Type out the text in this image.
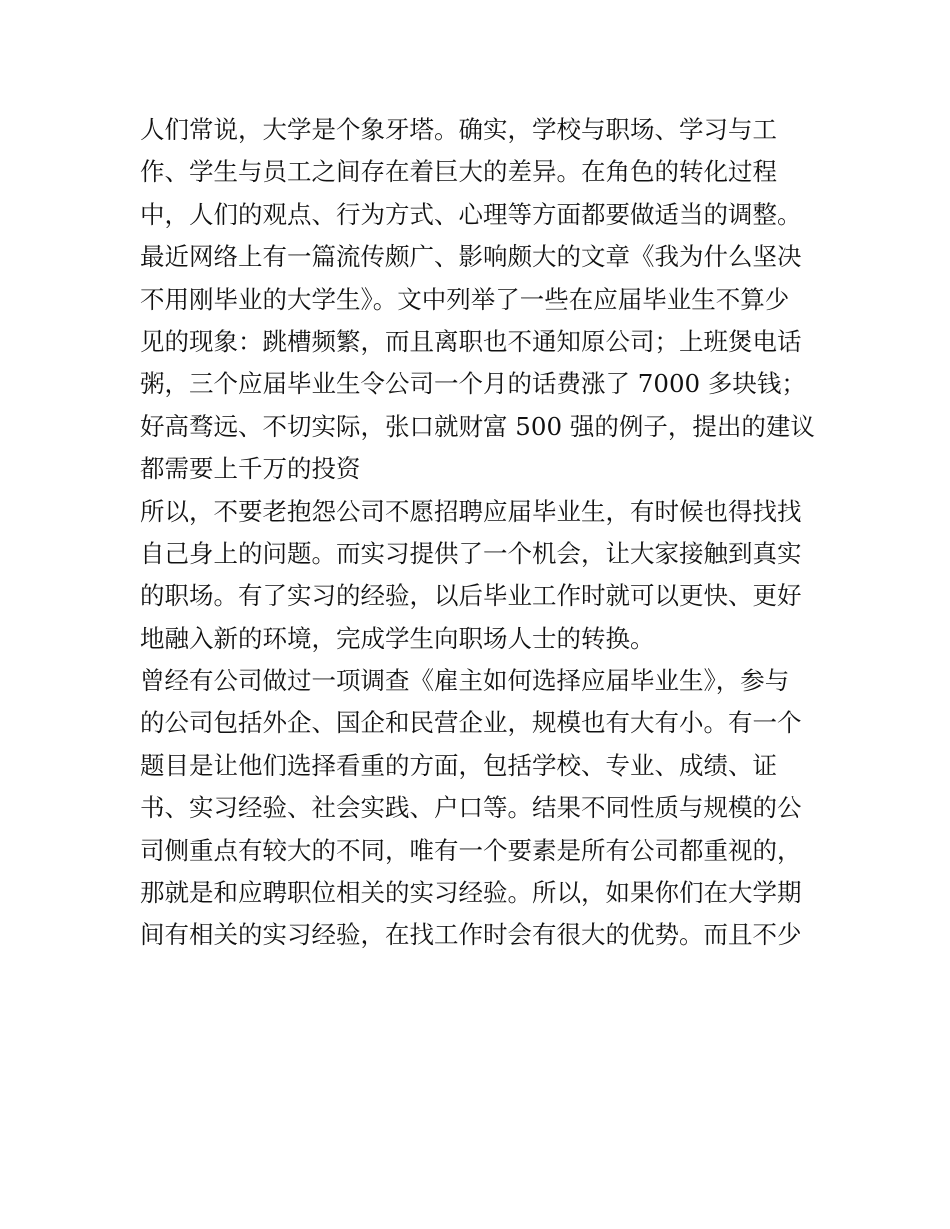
人们常说，大学是个象牙塔。确实，学校与职场、学习与工
作、学生与员工之间存在着巨大的差异。在角色的转化过程
中，人们的观点、行为方式、心理等方面都要做适当的调整。
最近网络上有一篇流传颇广、影响颇大的文章《我为什么坚决
不用刚毕业的大学生》。文中列举了一些在应届毕业生不算少
见的现象：跳槽频繁，而且离职也不通知原公司；上班煲电话
粥，三个应届毕业生令公司一个月的话费涨了 7000 多块钱；
好高骛远、不切实际，张口就财富 500 强的例子，提出的建议
都需要上千万的投资
所以，不要老抱怨公司不愿招聘应届毕业生，有时候也得找找
自己身上的问题。而实习提供了一个机会，让大家接触到真实
的职场。有了实习的经验，以后毕业工作时就可以更快、更好
地融入新的环境，完成学生向职场人士的转换。
曾经有公司做过一项调查《雇主如何选择应届毕业生》，参与
的公司包括外企、国企和民营企业，规模也有大有小。有一个
题目是让他们选择看重的方面，包括学校、专业、成绩、证
书、实习经验、社会实践、户口等。结果不同性质与规模的公
司侧重点有较大的不同，唯有一个要素是所有公司都重视的，
那就是和应聘职位相关的实习经验。所以，如果你们在大学期
间有相关的实习经验，在找工作时会有很大的优势。而且不少
